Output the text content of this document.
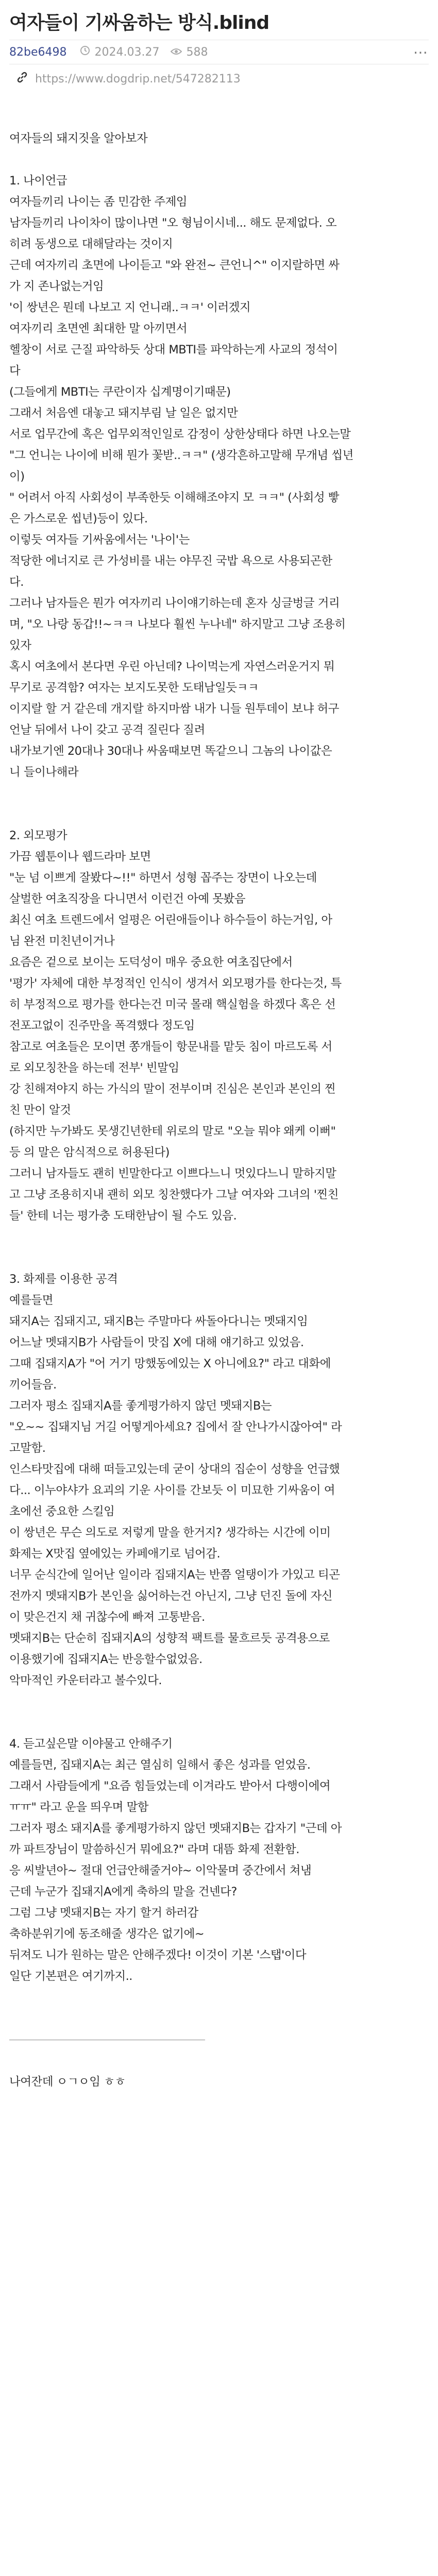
여자들이 기싸움하는 방식.blind
82be6498 2024.03.27 588	⋯
https://www.dogdrip.net/547282113
여자들의 돼지짓을 알아보자
1. 나이언급
여자들끼리 나이는 좀 민감한 주제임
남자들끼리 나이차이 많이나면 "오 형님이시네... 해도 문제없다. 오
히려 동생으로 대해달라는 것이지
근데 여자끼리 초면에 나이듣고 "와 완전~ 큰언니^" 이지랄하면 싸
가 지 존나없는거임
'이 쌍년은 뭔데 나보고 지 언니래..ㅋㅋ' 이러겠지
여자끼리 초면엔 최대한 말 아끼면서
헬창이 서로 근질 파악하듯 상대 MBTI를 파악하는게 사교의 정석이
다
(그들에게 MBTI는 쿠란이자 십계명이기때문)
그래서 처음엔 대놓고 돼지부림 날 일은 없지만
서로 업무간에 혹은 업무외적인일로 감정이 상한상태다 하면 나오는말
"그 언니는 나이에 비해 뭔가 꽃받..ㅋㅋ" (생각흔하고말해 무개념 씹년
이)
" 어려서 아직 사회성이 부족한듯 이해해조야지 모 ㅋㅋ" (사회성 빻
은 가스로운 씹년)등이 있다.
이렇듯 여자들 기싸움에서는 '나이'는
적당한 에너지로 큰 가성비를 내는 야무진 국밥 욕으로 사용되곤한
다.
그러나 남자들은 뭔가 여자끼리 나이얘기하는데 혼자 싱글벙글 거리
며, "오 나랑 동갑!!~ㅋㅋ 나보다 훨씬 누나네" 하지말고 그냥 조용히
있자
혹시 여초에서 본다면 우린 아닌데? 나이먹는게 자연스러운거지 뭐
무기로 공격함? 여자는 보지도못한 도태남일듯ㅋㅋ
이지랄 할 거 같은데 개지랄 하지마쌈 내가 니들 원투데이 보냐 허구
언날 뒤에서 나이 갖고 공격 질린다 질려
내가보기엔 20대나 30대나 싸움때보면 똑같으니 그놈의 나이값은
니 들이나해라
2. 외모평가
가끔 웹툰이나 웹드라마 보면
"눈 넘 이쁘게 잘봤다~!!" 하면서 성형 꼽주는 장면이 나오는데
살벌한 여초직장을 다니면서 이런건 아예 못봤음
최신 여초 트렌드에서 얼평은 어린애들이나 하수들이 하는거임, 아
님 완전 미친년이거나
요즘은 겉으로 보이는 도덕성이 매우 중요한 여초집단에서
'평가' 자체에 대한 부정적인 인식이 생겨서 외모평가를 한다는것, 특
히 부정적으로 평가를 한다는건 미국 몰래 핵실험을 하겠다 혹은 선
전포고없이 진주만을 폭격했다 정도임
참고로 여초들은 모이면 쫑개들이 항문내를 맡듯 침이 마르도록 서
로 외모칭찬을 하는데 전부' 빈말임
강 친해져야지 하는 가식의 말이 전부이며 진심은 본인과 본인의 찐
친 만이 알것
(하지만 누가봐도 못생긴년한테 위로의 말로 "오늘 뭐야 왜케 이뻐"
등 의 말은 암식적으로 허용된다)
그러니 남자들도 괜히 빈말한다고 이쁘다느니 멋있다느니 말하지말
고 그냥 조용히지내 괜히 외모 칭찬했다가 그날 여자와 그녀의 '찐친
들' 한테 너는 평가충 도태한남이 될 수도 있음.
3. 화제를 이용한 공격
예를들면
돼지A는 집돼지고, 돼지B는 주말마다 싸돌아다니는 멧돼지임
어느날 멧돼지B가 사람들이 맛집 X에 대해 얘기하고 있었음.
그때 집돼지A가 "어 거기 망했동에있는 X 아니에요?" 라고 대화에
끼어들음.
그러자 평소 집돼지A를 좋게평가하지 않던 멧돼지B는
"오~~ 집돼지님 거길 어떻게아세요? 집에서 잘 안나가시잖아여" 라
고말함.
인스타맛집에 대해 떠들고있는데 굳이 상대의 집순이 성향을 언급했
다... 이누야샤가 요괴의 기운 사이를 간보듯 이 미묘한 기싸움이 여
초에선 중요한 스킬임
이 쌍년은 무슨 의도로 저렇게 말을 한거지? 생각하는 시간에 이미
화제는 X맛집 옆에있는 카페애기로 넘어감.
너무 순식간에 일어난 일이라 집돼지A는 반쯤 얼탱이가 가있고 티곤
전까지 멧돼지B가 본인을 싫어하는건 아닌지, 그냥 던진 돌에 자신
이 맞은건지 채 귀찮수에 빠져 고통받음.
멧돼지B는 단순히 집돼지A의 성향적 팩트를 물흐르듯 공격용으로
이용했기에 집돼지A는 반응할수없었음.
악마적인 카운터라고 볼수있다.
4. 듣고싶은말 이야물고 안해주기
예를들면, 집돼지A는 최근 열심히 일해서 좋은 성과를 얻었음.
그래서 사람들에게 "요즘 힘들었는데 이겨라도 받아서 다행이에여
ㅠㅠ" 라고 운을 띄우며 말함
그러자 평소 돼지A를 좋게평가하지 않던 멧돼지B는 갑자기 "근데 아
까 파트장님이 말씀하신거 뭐에요?" 라며 대뜸 화제 전환함.
응 씨발년아~ 절대 언급안해줄거야~ 이악물며 중간에서 쳐냄
근데 누군가 집돼지A에게 축하의 말을 건넨다?
그럼 그냥 멧돼지B는 자기 할거 하러감
축하분위기에 동조해줄 생각은 없기에~
뒤져도 니가 원하는 말은 안해주겠다! 이것이 기본 '스탭'이다
일단 기본편은 여기까지..
나여잔데 ㅇㄱㅇ임 ㅎㅎ
